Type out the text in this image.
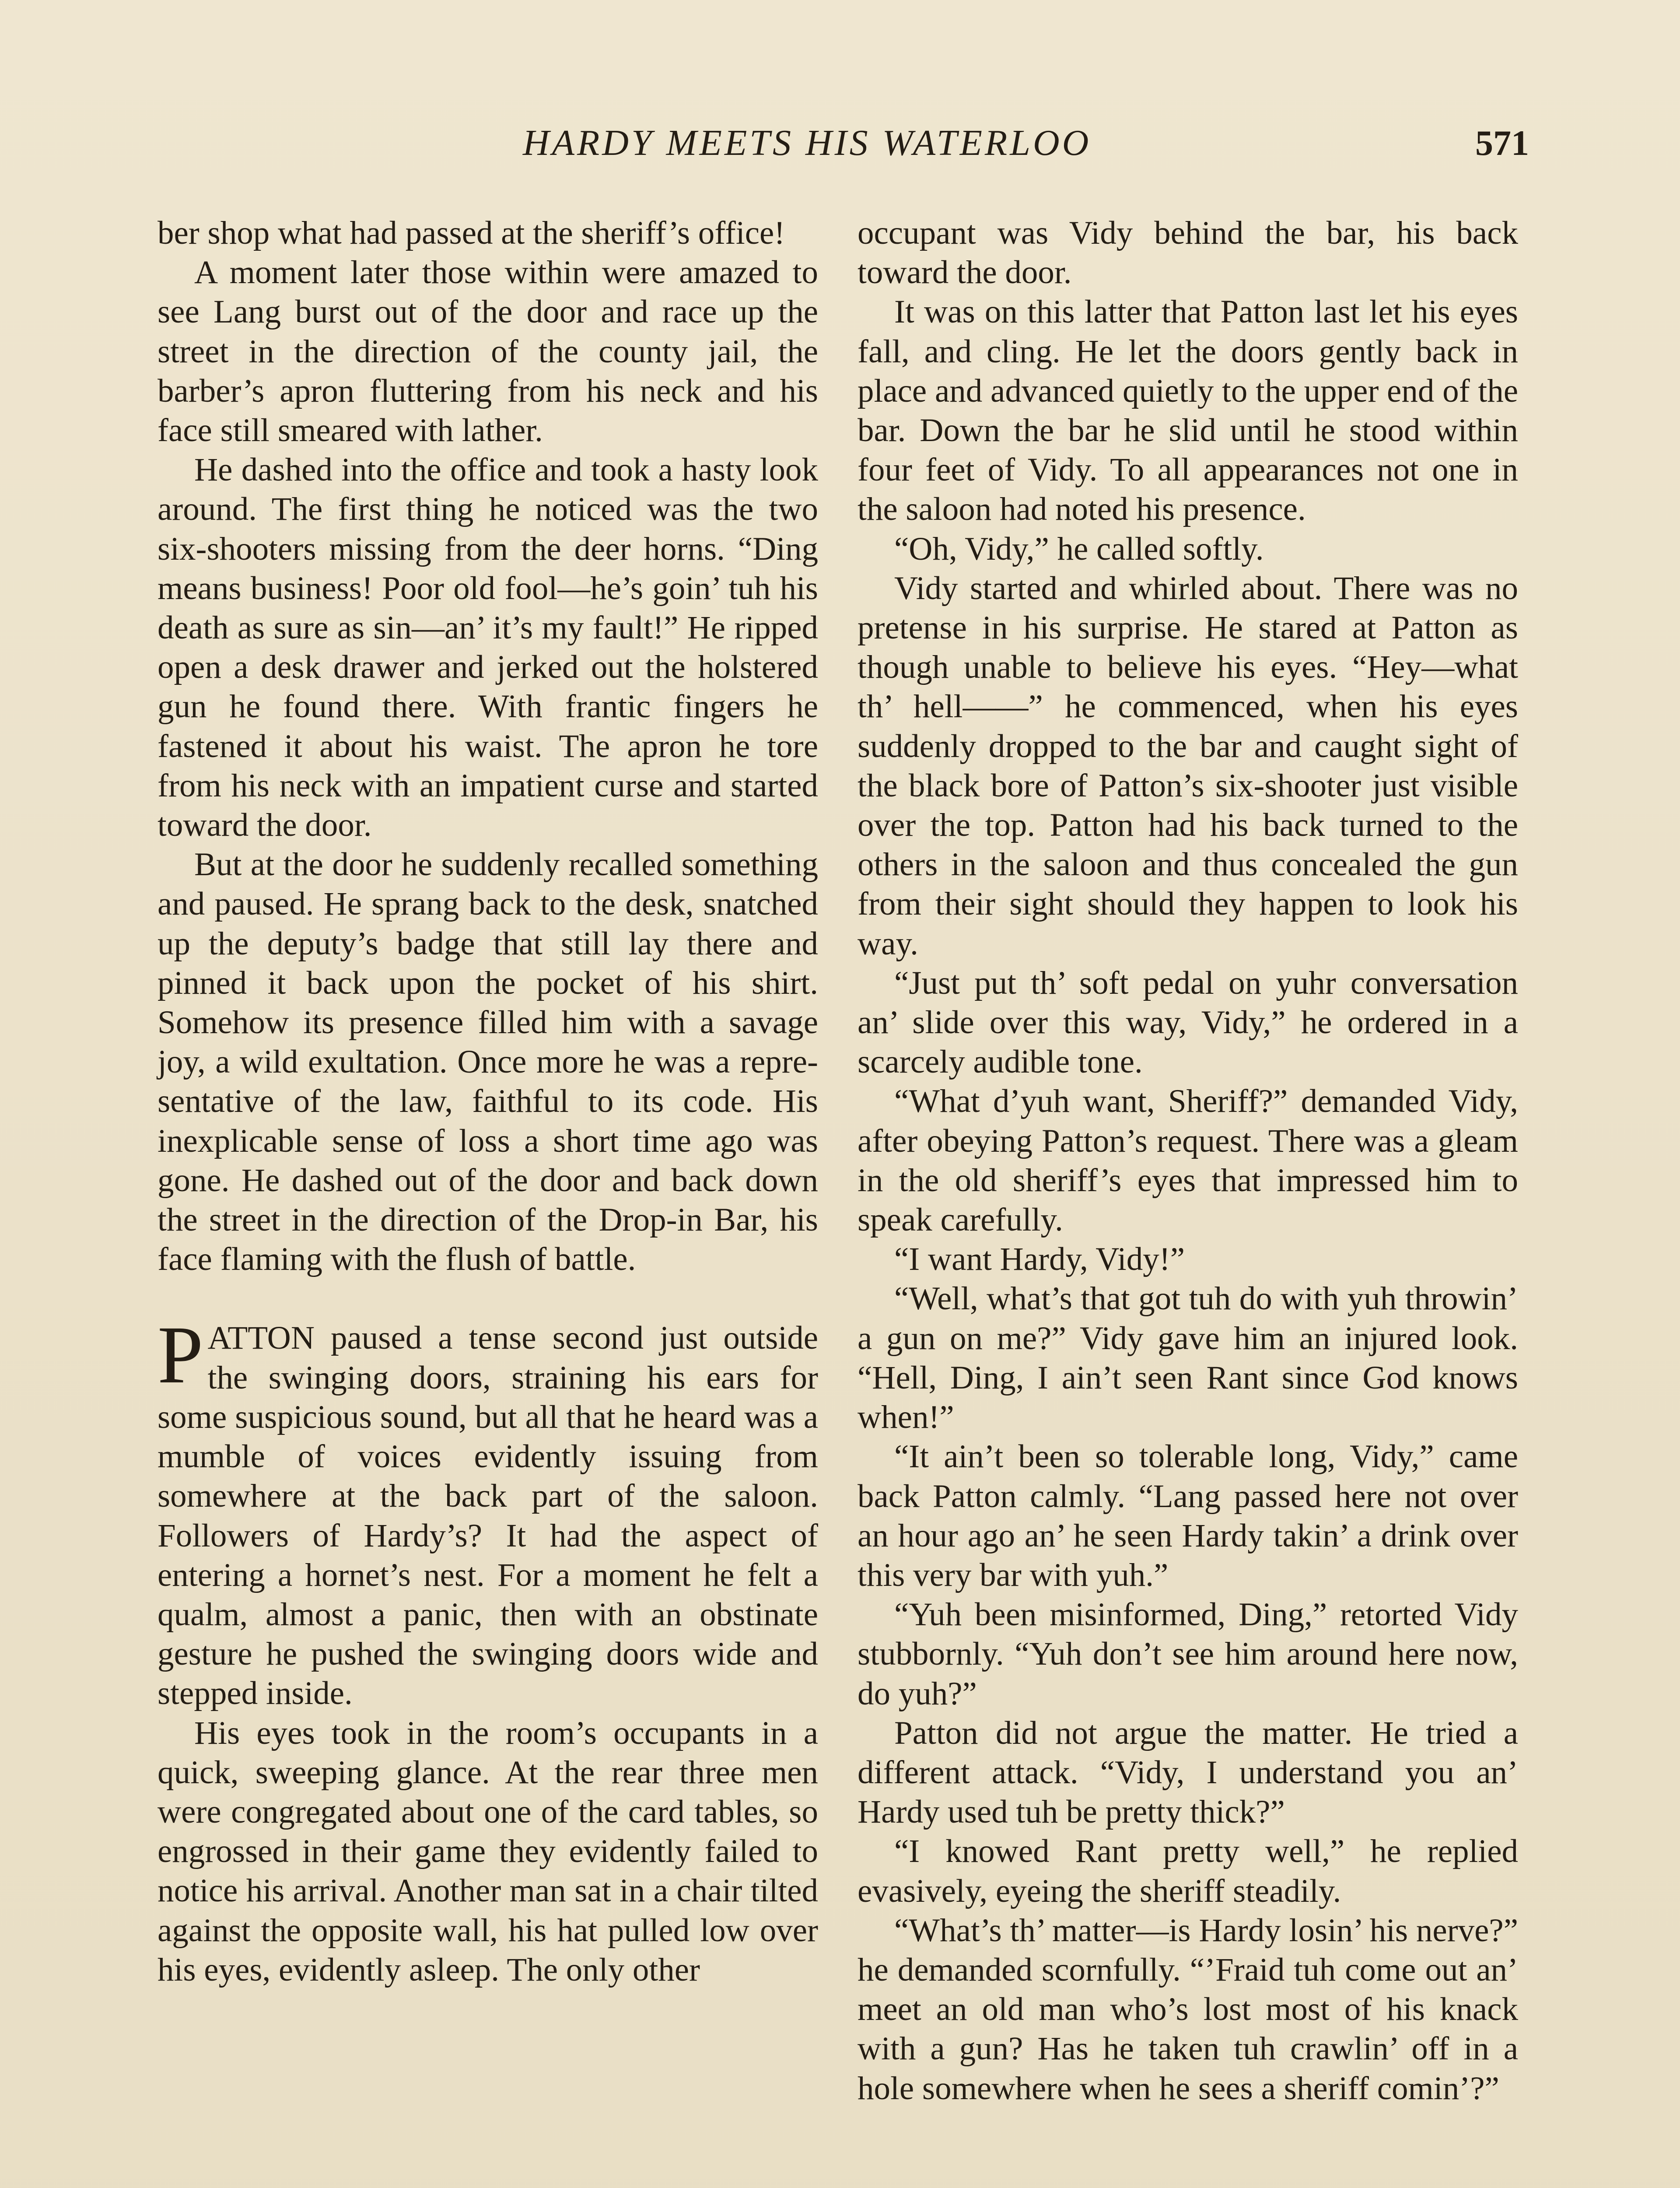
HARDY MEETS HIS WATERLOO	571

ber shop what had passed at the sheriff’s office!

A moment later those within were amazed to see Lang burst out of the door and race up the street in the direction of the county jail, the barber’s apron fluttering from his neck and his face still smeared with lather.

He dashed into the office and took a hasty look around. The first thing he noticed was the two six-shooters missing from the deer horns. “Ding means business! Poor old fool—he’s goin’ tuh his death as sure as sin—an’ it’s my fault!” He ripped open a desk drawer and jerked out the holstered gun he found there. With frantic fingers he fastened it about his waist. The apron he tore from his neck with an impatient curse and started toward the door.

But at the door he suddenly recalled something and paused. He sprang back to the desk, snatched up the deputy’s badge that still lay there and pinned it back upon the pocket of his shirt. Somehow its presence filled him with a savage joy, a wild exultation. Once more he was a representative of the law, faithful to its code. His inexplicable sense of loss a short time ago was gone. He dashed out of the door and back down the street in the direction of the Drop-in Bar, his face flaming with the flush of battle.

PATTON paused a tense second just outside the swinging doors, straining his ears for some suspicious sound, but all that he heard was a mumble of voices evidently issuing from somewhere at the back part of the saloon. Followers of Hardy’s? It had the aspect of entering a hornet’s nest. For a moment he felt a qualm, almost a panic, then with an obstinate gesture he pushed the swinging doors wide and stepped inside.

His eyes took in the room’s occupants in a quick, sweeping glance. At the rear three men were congregated about one of the card tables, so engrossed in their game they evidently failed to notice his arrival. Another man sat in a chair tilted against the opposite wall, his hat pulled low over his eyes, evidently asleep. The only other

occupant was Vidy behind the bar, his back toward the door.

It was on this latter that Patton last let his eyes fall, and cling. He let the doors gently back in place and advanced quietly to the upper end of the bar. Down the bar he slid until he stood within four feet of Vidy. To all appearances not one in the saloon had noted his presence.

“Oh, Vidy,” he called softly.

Vidy started and whirled about. There was no pretense in his surprise. He stared at Patton as though unable to believe his eyes. “Hey—what th’ hell——” he commenced, when his eyes suddenly dropped to the bar and caught sight of the black bore of Patton’s six-shooter just visible over the top. Patton had his back turned to the others in the saloon and thus concealed the gun from their sight should they happen to look his way.

“Just put th’ soft pedal on yuhr conversation an’ slide over this way, Vidy,” he ordered in a scarcely audible tone.

“What d’yuh want, Sheriff?” demanded Vidy, after obeying Patton’s request. There was a gleam in the old sheriff’s eyes that impressed him to speak carefully.

“I want Hardy, Vidy!”

“Well, what’s that got tuh do with yuh throwin’ a gun on me?” Vidy gave him an injured look. “Hell, Ding, I ain’t seen Rant since God knows when!”

“It ain’t been so tolerable long, Vidy,” came back Patton calmly. “Lang passed here not over an hour ago an’ he seen Hardy takin’ a drink over this very bar with yuh.”

“Yuh been misinformed, Ding,” retorted Vidy stubbornly. “Yuh don’t see him around here now, do yuh?”

Patton did not argue the matter. He tried a different attack. “Vidy, I understand you an’ Hardy used tuh be pretty thick?”

“I knowed Rant pretty well,” he replied evasively, eyeing the sheriff steadily.

“What’s th’ matter—is Hardy losin’ his nerve?” he demanded scornfully. “’Fraid tuh come out an’ meet an old man who’s lost most of his knack with a gun? Has he taken tuh crawlin’ off in a hole somewhere when he sees a sheriff comin’?”
